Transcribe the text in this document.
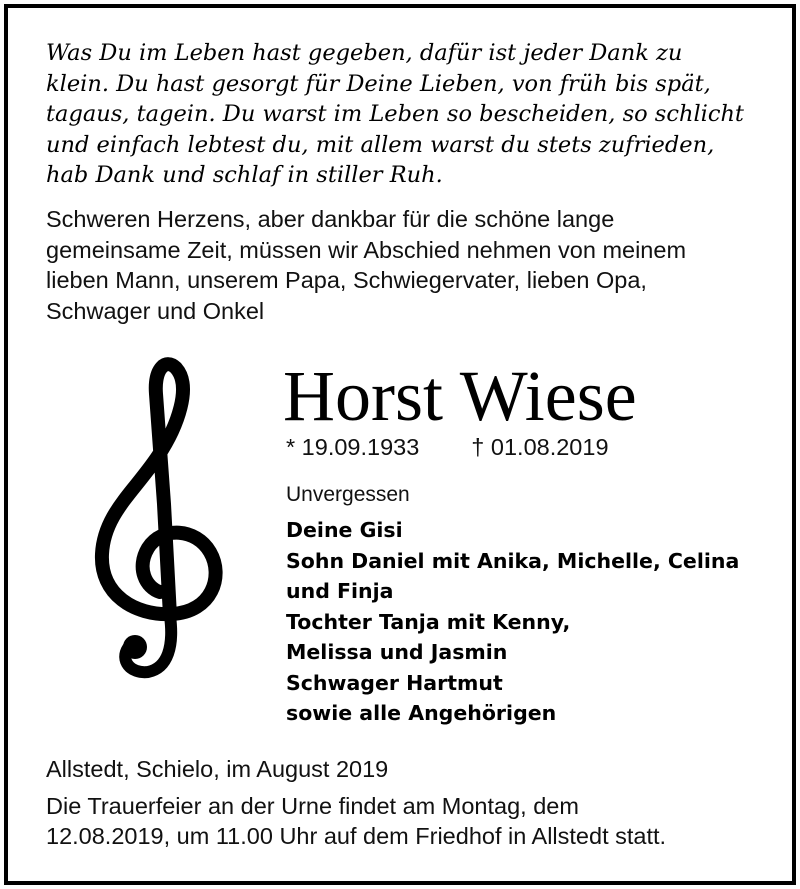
Was Du im Leben hast gegeben, dafür ist jeder Dank zu
klein. Du hast gesorgt für Deine Lieben, von früh bis spät,
tagaus, tagein. Du warst im Leben so bescheiden, so schlicht
und einfach lebtest du, mit allem warst du stets zufrieden,
hab Dank und schlaf in stiller Ruh.
Schweren Herzens, aber dankbar für die schöne lange
gemeinsame Zeit, müssen wir Abschied nehmen von meinem
lieben Mann, unserem Papa, Schwiegervater, lieben Opa,
Schwager und Onkel
Horst Wiese
* 19.09.1933 † 01.08.2019
Unvergessen
Deine Gisi
Sohn Daniel mit Anika, Michelle, Celina
und Finja
Tochter Tanja mit Kenny,
Melissa und Jasmin
Schwager Hartmut
sowie alle Angehörigen

Allstedt, Schielo, im August 2019

Die Trauerfeier an der Urne findet am Montag, dem
12.08.2019, um 11.00 Uhr auf dem Friedhof in Allstedt statt.
